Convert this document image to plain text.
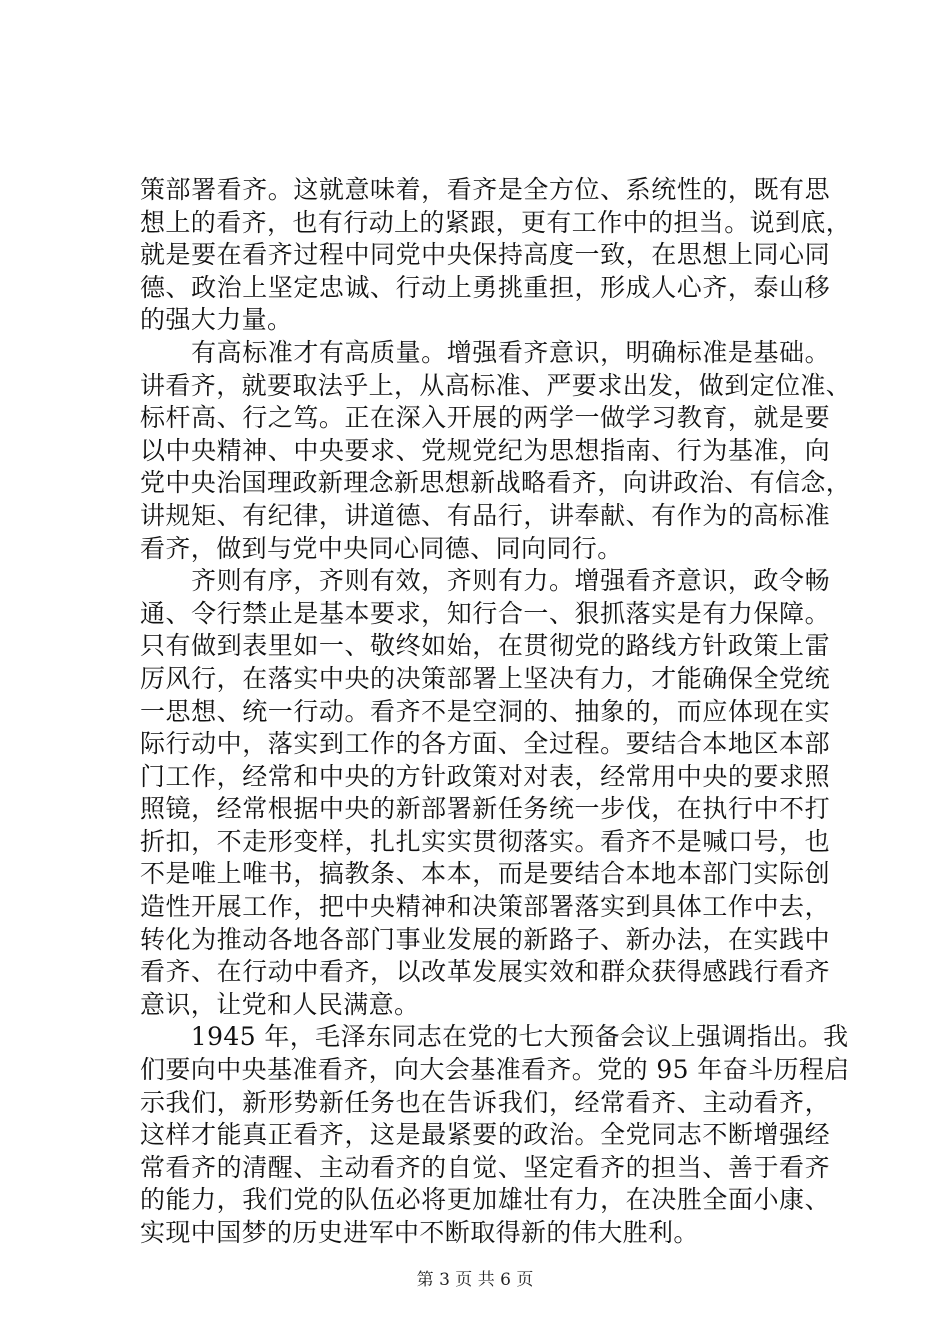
策部署看齐。这就意味着，看齐是全方位、系统性的，既有思
想上的看齐，也有行动上的紧跟，更有工作中的担当。说到底，
就是要在看齐过程中同党中央保持高度一致，在思想上同心同
德、政治上坚定忠诚、行动上勇挑重担，形成人心齐，泰山移
的强大力量。
　　有高标准才有高质量。增强看齐意识，明确标准是基础。
讲看齐，就要取法乎上，从高标准、严要求出发，做到定位准、
标杆高、行之笃。正在深入开展的两学一做学习教育，就是要
以中央精神、中央要求、党规党纪为思想指南、行为基准，向
党中央治国理政新理念新思想新战略看齐，向讲政治、有信念，
讲规矩、有纪律，讲道德、有品行，讲奉献、有作为的高标准
看齐，做到与党中央同心同德、同向同行。
　　齐则有序，齐则有效，齐则有力。增强看齐意识，政令畅
通、令行禁止是基本要求，知行合一、狠抓落实是有力保障。
只有做到表里如一、敬终如始，在贯彻党的路线方针政策上雷
厉风行，在落实中央的决策部署上坚决有力，才能确保全党统
一思想、统一行动。看齐不是空洞的、抽象的，而应体现在实
际行动中，落实到工作的各方面、全过程。要结合本地区本部
门工作，经常和中央的方针政策对对表，经常用中央的要求照
照镜，经常根据中央的新部署新任务统一步伐，在执行中不打
折扣，不走形变样，扎扎实实贯彻落实。看齐不是喊口号，也
不是唯上唯书，搞教条、本本，而是要结合本地本部门实际创
造性开展工作，把中央精神和决策部署落实到具体工作中去，
转化为推动各地各部门事业发展的新路子、新办法，在实践中
看齐、在行动中看齐，以改革发展实效和群众获得感践行看齐
意识，让党和人民满意。
　　1945 年，毛泽东同志在党的七大预备会议上强调指出。我
们要向中央基准看齐，向大会基准看齐。党的 95 年奋斗历程启
示我们，新形势新任务也在告诉我们，经常看齐、主动看齐，
这样才能真正看齐，这是最紧要的政治。全党同志不断增强经
常看齐的清醒、主动看齐的自觉、坚定看齐的担当、善于看齐
的能力，我们党的队伍必将更加雄壮有力，在决胜全面小康、
实现中国梦的历史进军中不断取得新的伟大胜利。
第 3 页 共 6 页
